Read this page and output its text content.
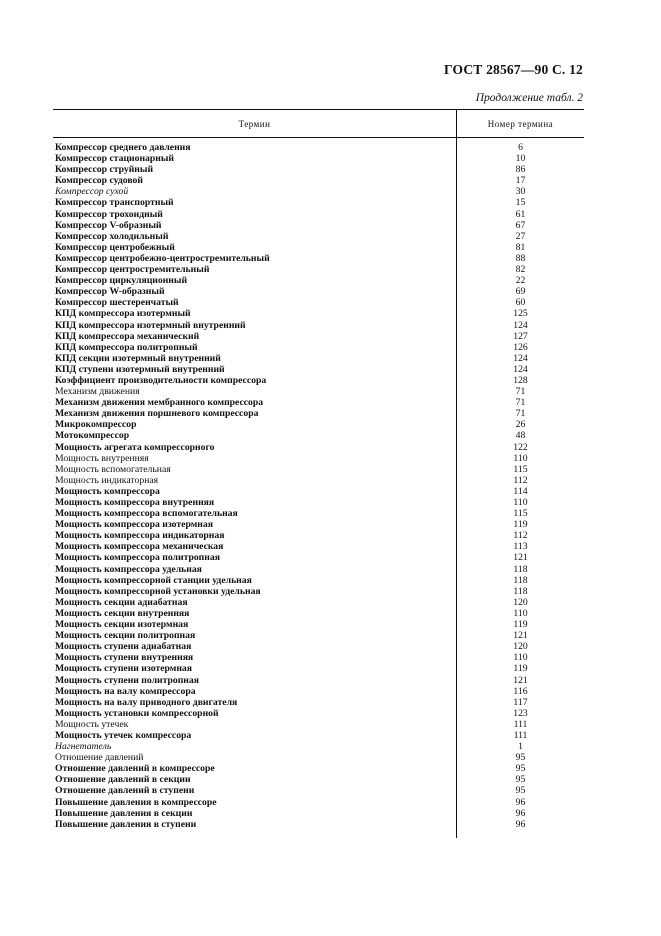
ГОСТ 28567—90 С. 12
Продолжение табл. 2
Термин	Номер термина
Компрессор среднего давления	6
Компрессор стационарный	10
Компрессор струйный	86
Компрессор судовой	17
Компрессор сухой	30
Компрессор транспортный	15
Компрессор трохоидный	61
Компрессор V-образный	67
Компрессор холодильный	27
Компрессор центробежный	81
Компрессор центробежно-центростремительный	88
Компрессор центростремительный	82
Компрессор циркуляционный	22
Компрессор W-образный	69
Компрессор шестеренчатый	60
КПД компрессора изотермный	125
КПД компрессора изотермный внутренний	124
КПД компрессора механический	127
КПД компрессора политропный	126
КПД секции изотермный внутренний	124
КПД ступени изотермный внутренний	124
Коэффициент производительности компрессора	128
Механизм движения	71
Механизм движения мембранного компрессора	71
Механизм движения поршневого компрессора	71
Микрокомпрессор	26
Мотокомпрессор	48
Мощность агрегата компрессорного	122
Мощность внутренняя	110
Мощность вспомогательная	115
Мощность индикаторная	112
Мощность компрессора	114
Мощность компрессора внутренняя	110
Мощность компрессора вспомогательная	115
Мощность компрессора изотермная	119
Мощность компрессора индикаторная	112
Мощность компрессора механическая	113
Мощность компрессора политропная	121
Мощность компрессора удельная	118
Мощность компрессорной станции удельная	118
Мощность компрессорной установки удельная	118
Мощность секции адиабатная	120
Мощность секции внутренняя	110
Мощность секции изотермная	119
Мощность секции политропная	121
Мощность ступени адиабатная	120
Мощность ступени внутренняя	110
Мощность ступени изотермная	119
Мощность ступени политропная	121
Мощность на валу компрессора	116
Мощность на валу приводного двигателя	117
Мощность установки компрессорной	123
Мощность утечек	111
Мощность утечек компрессора	111
Нагнетатель	1
Отношение давлений	95
Отношение давлений в компрессоре	95
Отношение давлений в секции	95
Отношение давлений в ступени	95
Повышение давления в компрессоре	96
Повышение давления в секции	96
Повышение давления в ступени	96
